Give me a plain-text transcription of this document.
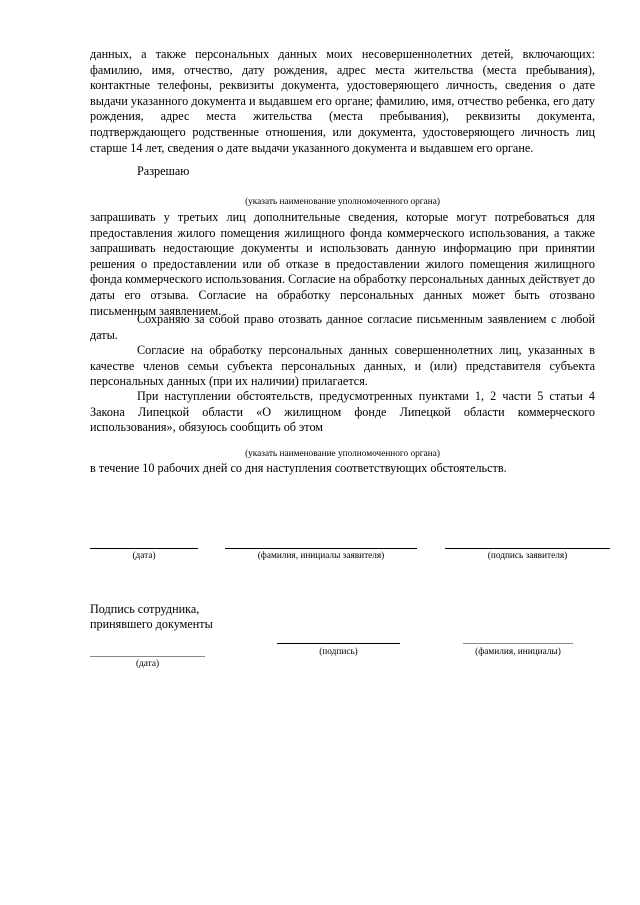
данных, а также персональных данных моих несовершеннолетних детей, включающих: фамилию, имя, отчество, дату рождения, адрес места жительства (места пребывания), контактные телефоны, реквизиты документа, удостоверяющего личность, сведения о дате выдачи указанного документа и выдавшем его органе; фамилию, имя, отчество ребенка, его дату рождения, адрес места жительства (места пребывания), реквизиты документа, подтверждающего родственные отношения, или документа, удостоверяющего личность лиц старше 14 лет, сведения о дате выдачи указанного документа и выдавшем его органе.

Разрешаю
(указать наименование уполномоченного органа)

запрашивать у третьих лиц дополнительные сведения, которые могут потребоваться для предоставления жилого помещения жилищного фонда коммерческого использования, а также запрашивать недостающие документы и использовать данную информацию при принятии решения о предоставлении или об отказе в предоставлении жилого помещения жилищного фонда коммерческого использования. Согласие на обработку персональных данных действует до даты его отзыва. Согласие на обработку персональных данных может быть отозвано письменным заявлением.

Сохраняю за собой право отозвать данное согласие письменным заявлением с любой даты.

Согласие на обработку персональных данных совершеннолетних лиц, указанных в качестве членов семьи субъекта персональных данных, и (или) представителя субъекта персональных данных (при их наличии) прилагается.

При наступлении обстоятельств, предусмотренных пунктами 1, 2 части 5 статьи 4 Закона Липецкой области «О жилищном фонде Липецкой области коммерческого использования», обязуюсь сообщить об этом

(указать наименование уполномоченного органа)
в течение 10 рабочих дней со дня наступления соответствующих обстоятельств.
(дата)	(фамилия, инициалы заявителя)	(подпись заявителя)
Подпись сотрудника,
принявшего документы
(дата)
(подпись)	(фамилия, инициалы)
